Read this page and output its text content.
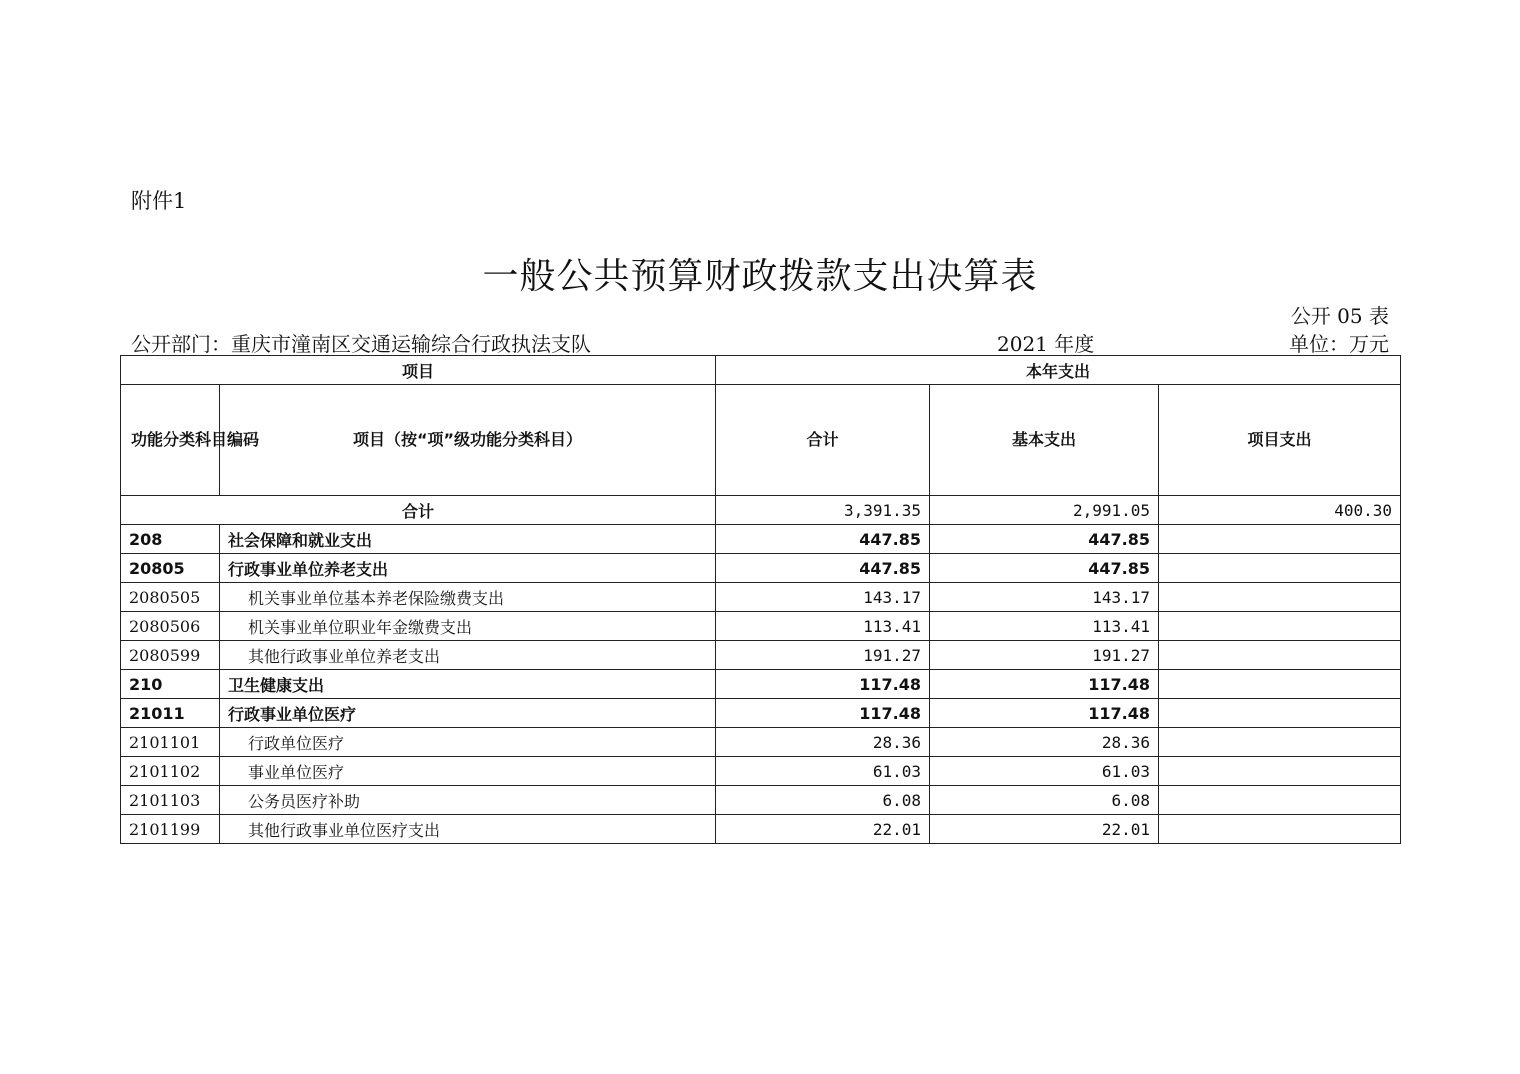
附件1
一般公共预算财政拨款支出决算表
公开 05 表
公开部门：重庆市潼南区交通运输综合行政执法支队	2021 年度	单位：万元
项目		本年支出		
功能分类科目编码	项目（按“项”级功能分类科目）	合计	基本支出	项目支出
合计		3,391.35	2,991.05	400.30
208	社会保障和就业支出	447.85	447.85	
20805	行政事业单位养老支出	447.85	447.85	
2080505	机关事业单位基本养老保险缴费支出	143.17	143.17	
2080506	机关事业单位职业年金缴费支出	113.41	113.41	
2080599	其他行政事业单位养老支出	191.27	191.27	
210	卫生健康支出	117.48	117.48	
21011	行政事业单位医疗	117.48	117.48	
2101101	行政单位医疗	28.36	28.36	
2101102	事业单位医疗	61.03	61.03	
2101103	公务员医疗补助	6.08	6.08	
2101199	其他行政事业单位医疗支出	22.01	22.01	
